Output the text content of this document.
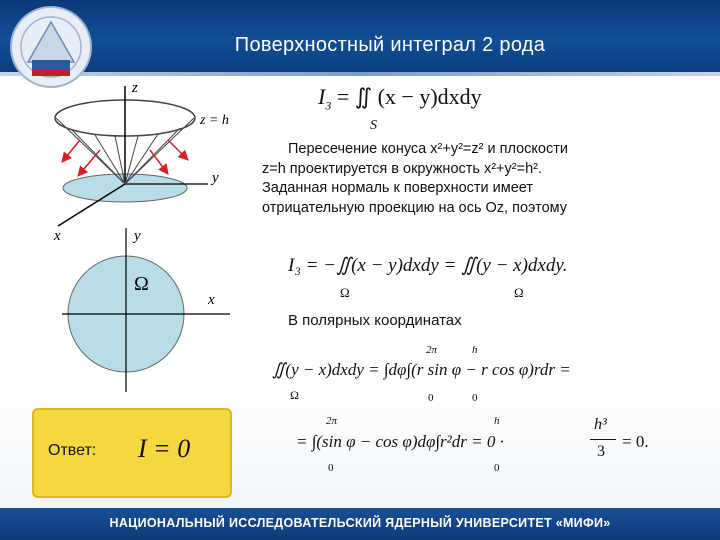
Поверхностный интеграл 2 рода
z
z = h
y
x	y
x
Ω
$I_3$ = ∬ (x − y)dxdy
S

Пересечение конуса x²+y²=z² и плоскости

z=h проектируется в окружность x²+y²=h².

Заданная нормаль к поверхности имеет

отрицательную проекцию на ось Oz, поэтому

I₃ = −∬(x − y)dxdy = ∬(y − x)dxdy.
Ω	Ω
В полярных координатах
∬(y − x)dxdy = ∫dφ∫(r sin φ − r cos φ)rdr =
Ω
2π
0
h
0
= ∫(sin φ − cos φ)dφ∫r²dr = 0 ·
2π
0
h
0
h³
3
= 0.
Ответ: I = 0
НАЦИОНАЛЬНЫЙ ИССЛЕДОВАТЕЛЬСКИЙ ЯДЕРНЫЙ УНИВЕРСИТЕТ «МИФИ»
